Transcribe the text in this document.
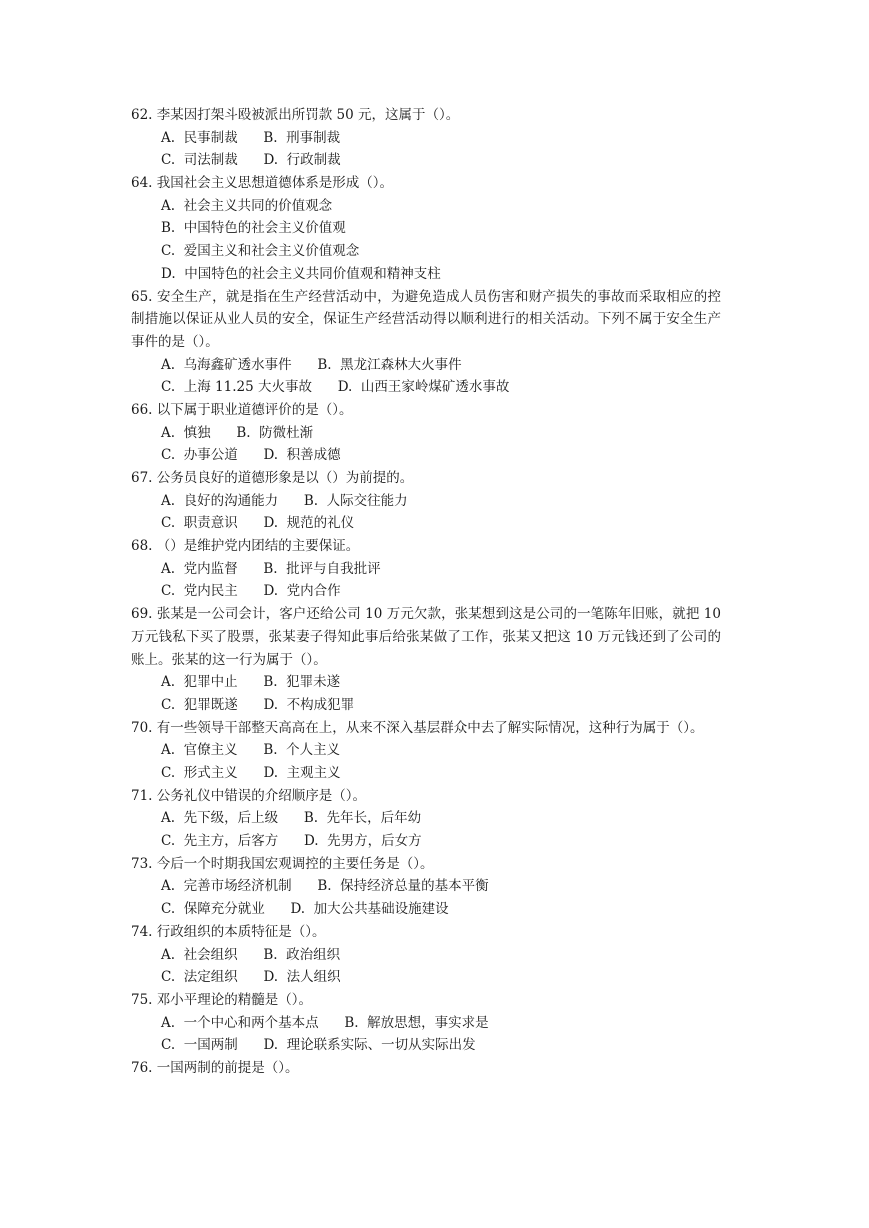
62. 李某因打架斗殴被派出所罚款 50 元，这属于（）。
A.  民事制裁      B.  刑事制裁
C.  司法制裁      D.  行政制裁
64. 我国社会主义思想道德体系是形成（）。
A.  社会主义共同的价值观念
B.  中国特色的社会主义价值观
C.  爱国主义和社会主义价值观念
D.  中国特色的社会主义共同价值观和精神支柱
65. 安全生产，就是指在生产经营活动中，为避免造成人员伤害和财产损失的事故而采取相应的控制措施以保证从业人员的安全，保证生产经营活动得以顺利进行的相关活动。下列不属于安全生产事件的是（）。
A.  乌海鑫矿透水事件      B.  黑龙江森林大火事件
C.  上海 11.25 大火事故      D.  山西王家岭煤矿透水事故
66. 以下属于职业道德评价的是（）。
A.  慎独      B.  防微杜渐
C.  办事公道      D.  积善成德
67. 公务员良好的道德形象是以（）为前提的。
A.  良好的沟通能力      B.  人际交往能力
C.  职责意识      D.  规范的礼仪
68. （）是维护党内团结的主要保证。
A.  党内监督      B.  批评与自我批评
C.  党内民主      D.  党内合作
69. 张某是一公司会计，客户还给公司 10 万元欠款，张某想到这是公司的一笔陈年旧账，就把 10 万元钱私下买了股票，张某妻子得知此事后给张某做了工作，张某又把这 10 万元钱还到了公司的账上。张某的这一行为属于（）。
A.  犯罪中止      B.  犯罪未遂
C.  犯罪既遂      D.  不构成犯罪
70. 有一些领导干部整天高高在上，从来不深入基层群众中去了解实际情况，这种行为属于（）。
A.  官僚主义      B.  个人主义
C.  形式主义      D.  主观主义
71. 公务礼仪中错误的介绍顺序是（）。
A.  先下级，后上级      B.  先年长，后年幼
C.  先主方，后客方      D.  先男方，后女方
73. 今后一个时期我国宏观调控的主要任务是（）。
A.  完善市场经济机制      B.  保持经济总量的基本平衡
C.  保障充分就业      D.  加大公共基础设施建设
74. 行政组织的本质特征是（）。
A.  社会组织      B.  政治组织
C.  法定组织      D.  法人组织
75. 邓小平理论的精髓是（）。
A.  一个中心和两个基本点      B.  解放思想，事实求是
C.  一国两制      D.  理论联系实际、一切从实际出发
76. 一国两制的前提是（）。
